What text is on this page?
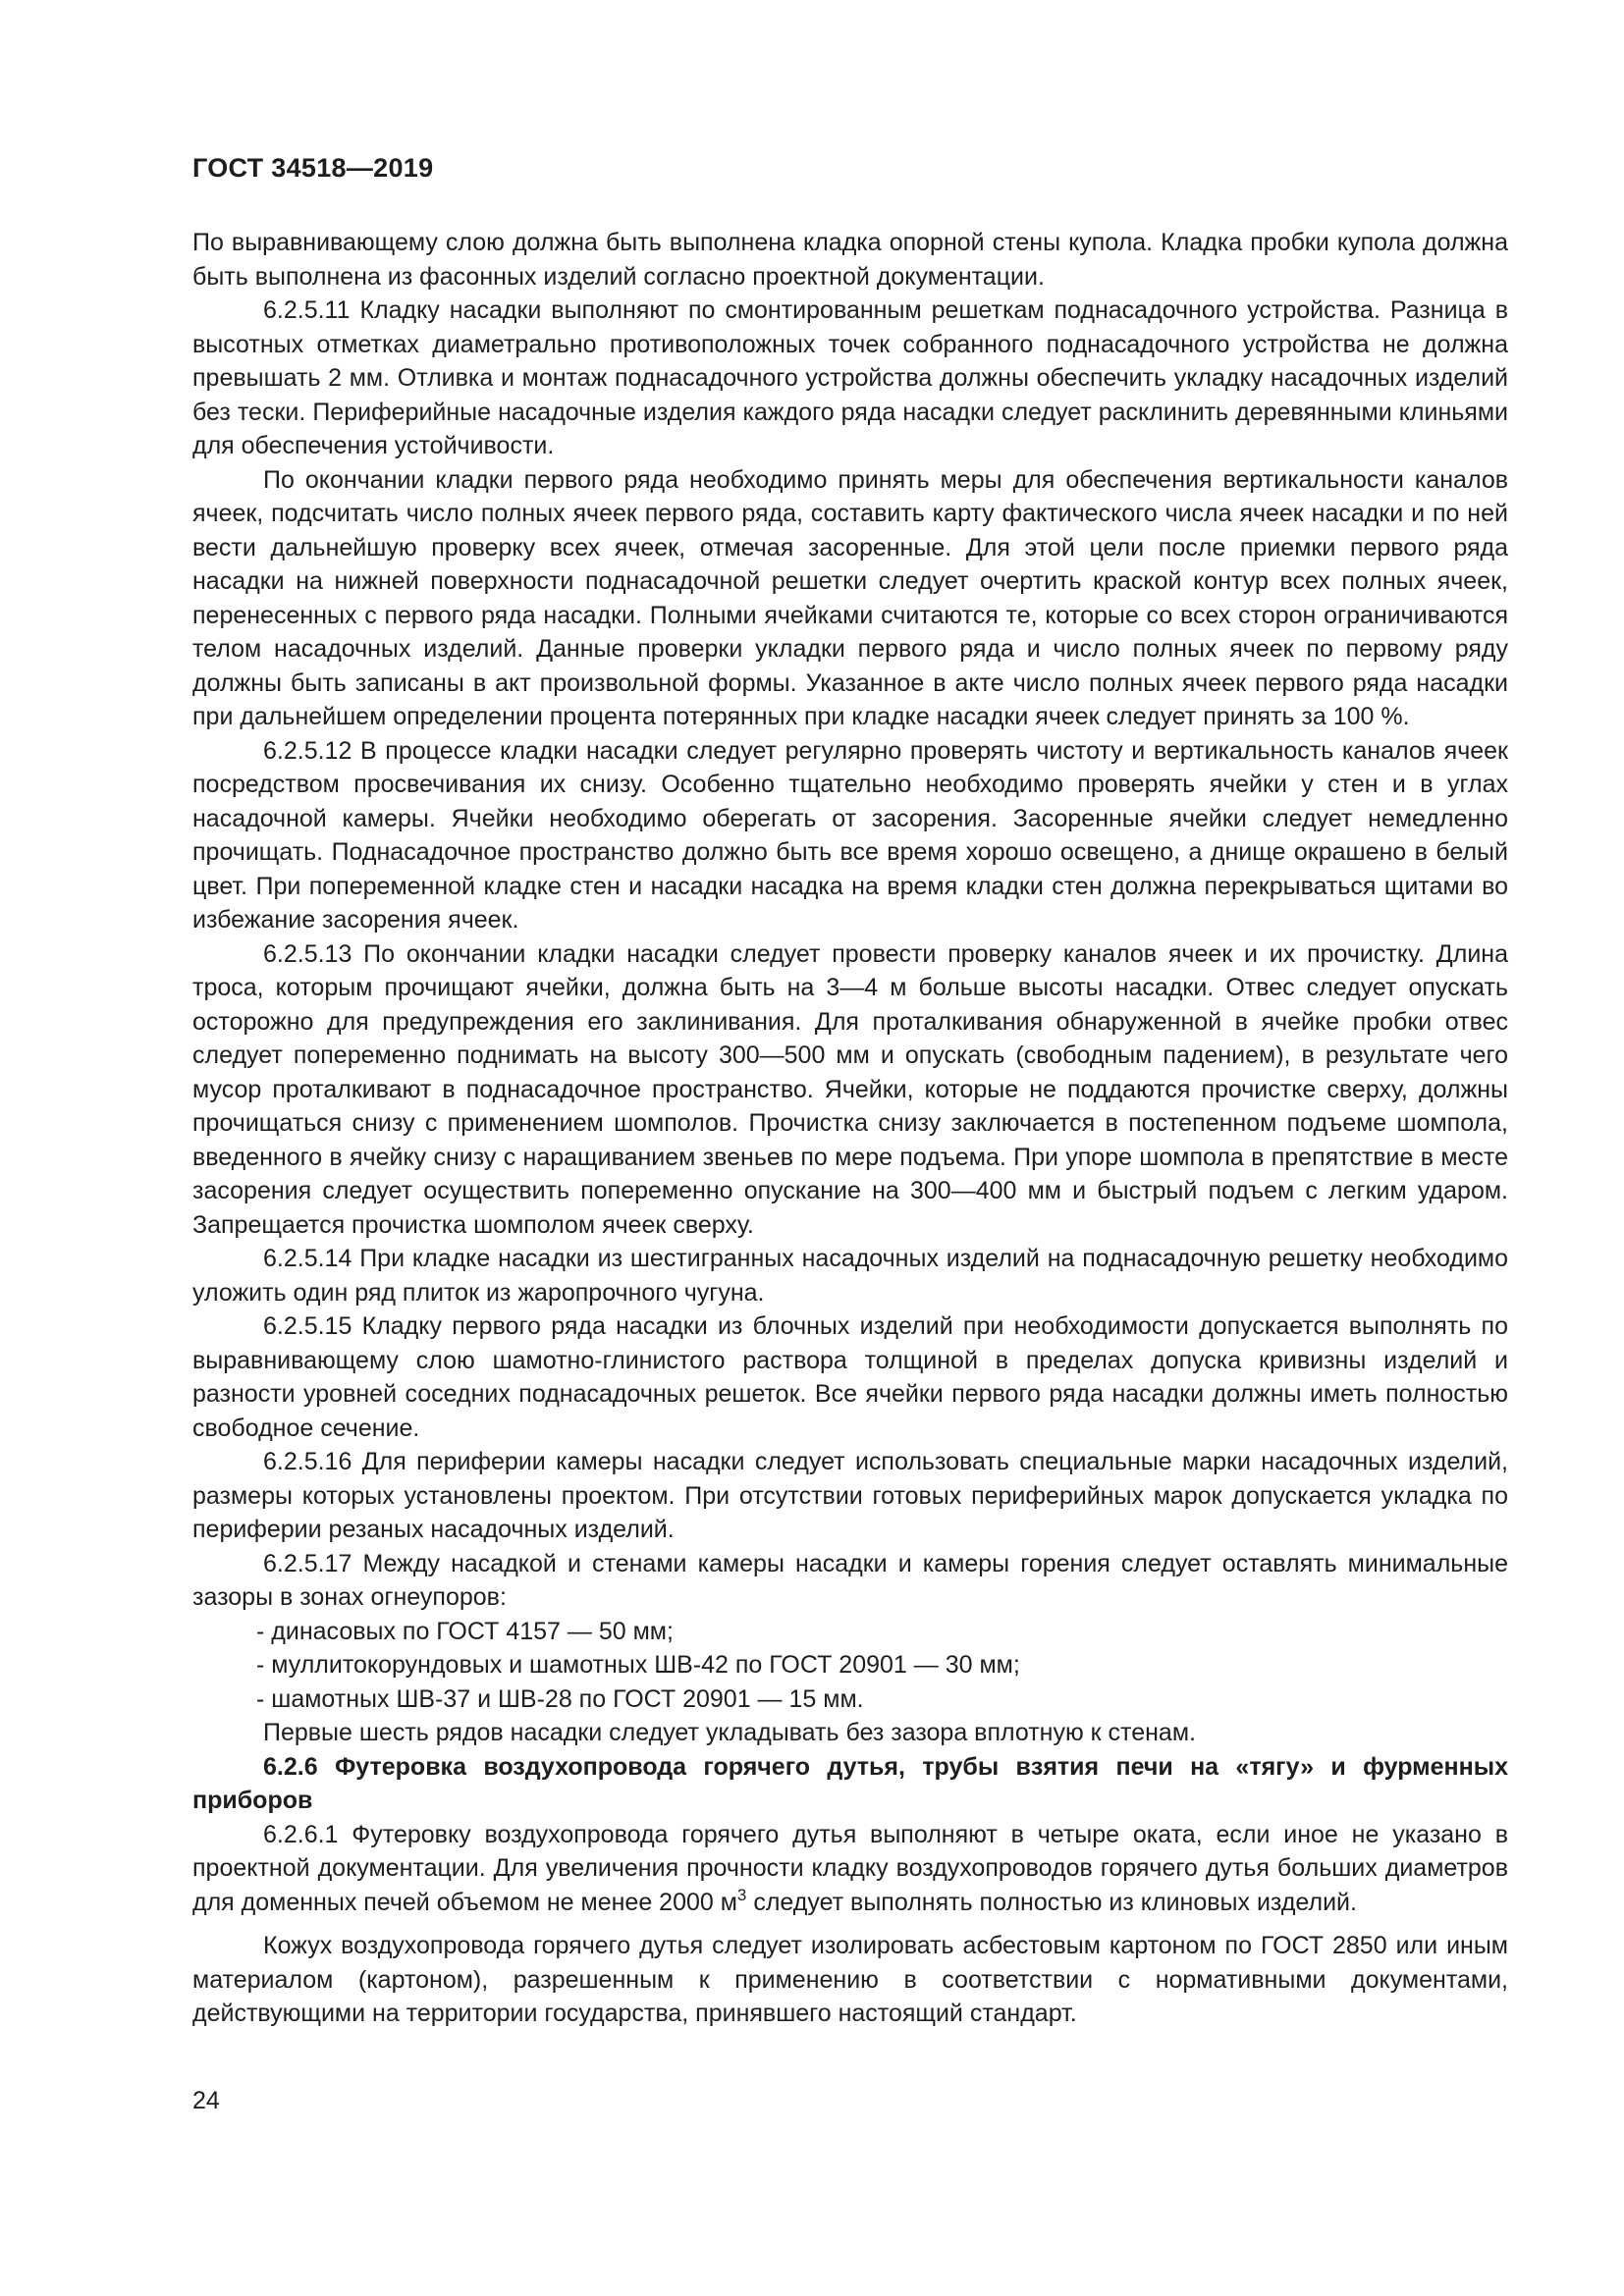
ГОСТ 34518—2019

По выравнивающему слою должна быть выполнена кладка опорной стены купола. Кладка пробки купола должна быть выполнена из фасонных изделий согласно проектной документации.

6.2.5.11 Кладку насадки выполняют по смонтированным решеткам поднасадочного устройства. Разница в высотных отметках диаметрально противоположных точек собранного поднасадочного устройства не должна превышать 2 мм. Отливка и монтаж поднасадочного устройства должны обеспечить укладку насадочных изделий без тески. Периферийные насадочные изделия каждого ряда насадки следует расклинить деревянными клиньями для обеспечения устойчивости.

По окончании кладки первого ряда необходимо принять меры для обеспечения вертикальности каналов ячеек, подсчитать число полных ячеек первого ряда, составить карту фактического числа ячеек насадки и по ней вести дальнейшую проверку всех ячеек, отмечая засоренные. Для этой цели после приемки первого ряда насадки на нижней поверхности поднасадочной решетки следует очертить краской контур всех полных ячеек, перенесенных с первого ряда насадки. Полными ячейками считаются те, которые со всех сторон ограничиваются телом насадочных изделий. Данные проверки укладки первого ряда и число полных ячеек по первому ряду должны быть записаны в акт произвольной формы. Указанное в акте число полных ячеек первого ряда насадки при дальнейшем определении процента потерянных при кладке насадки ячеек следует принять за 100 %.

6.2.5.12 В процессе кладки насадки следует регулярно проверять чистоту и вертикальность каналов ячеек посредством просвечивания их снизу. Особенно тщательно необходимо проверять ячейки у стен и в углах насадочной камеры. Ячейки необходимо оберегать от засорения. Засоренные ячейки следует немедленно прочищать. Поднасадочное пространство должно быть все время хорошо освещено, а днище окрашено в белый цвет. При попеременной кладке стен и насадки насадка на время кладки стен должна перекрываться щитами во избежание засорения ячеек.

6.2.5.13 По окончании кладки насадки следует провести проверку каналов ячеек и их прочистку. Длина троса, которым прочищают ячейки, должна быть на 3—4 м больше высоты насадки. Отвес следует опускать осторожно для предупреждения его заклинивания. Для проталкивания обнаруженной в ячейке пробки отвес следует попеременно поднимать на высоту 300—500 мм и опускать (свободным падением), в результате чего мусор проталкивают в поднасадочное пространство. Ячейки, которые не поддаются прочистке сверху, должны прочищаться снизу с применением шомполов. Прочистка снизу заключается в постепенном подъеме шомпола, введенного в ячейку снизу с наращиванием звеньев по мере подъема. При упоре шомпола в препятствие в месте засорения следует осуществить попеременно опускание на 300—400 мм и быстрый подъем с легким ударом. Запрещается прочистка шомполом ячеек сверху.

6.2.5.14 При кладке насадки из шестигранных насадочных изделий на поднасадочную решетку необходимо уложить один ряд плиток из жаропрочного чугуна.

6.2.5.15 Кладку первого ряда насадки из блочных изделий при необходимости допускается выполнять по выравнивающему слою шамотно-глинистого раствора толщиной в пределах допуска кривизны изделий и разности уровней соседних поднасадочных решеток. Все ячейки первого ряда насадки должны иметь полностью свободное сечение.

6.2.5.16 Для периферии камеры насадки следует использовать специальные марки насадочных изделий, размеры которых установлены проектом. При отсутствии готовых периферийных марок допускается укладка по периферии резаных насадочных изделий.

6.2.5.17 Между насадкой и стенами камеры насадки и камеры горения следует оставлять минимальные зазоры в зонах огнеупоров:

- динасовых по ГОСТ 4157 — 50 мм;

- муллитокорундовых и шамотных ШВ-42 по ГОСТ 20901 — 30 мм;

- шамотных ШВ-37 и ШВ-28 по ГОСТ 20901 — 15 мм.

Первые шесть рядов насадки следует укладывать без зазора вплотную к стенам.

6.2.6 Футеровка воздухопровода горячего дутья, трубы взятия печи на «тягу» и фурменных приборов

6.2.6.1 Футеровку воздухопровода горячего дутья выполняют в четыре оката, если иное не указано в проектной документации. Для увеличения прочности кладку воздухопроводов горячего дутья больших диаметров для доменных печей объемом не менее 2000 $м^3$ следует выполнять полностью из клиновых изделий.

Кожух воздухопровода горячего дутья следует изолировать асбестовым картоном по ГОСТ 2850 или иным материалом (картоном), разрешенным к применению в соответствии с нормативными документами, действующими на территории государства, принявшего настоящий стандарт.

24
